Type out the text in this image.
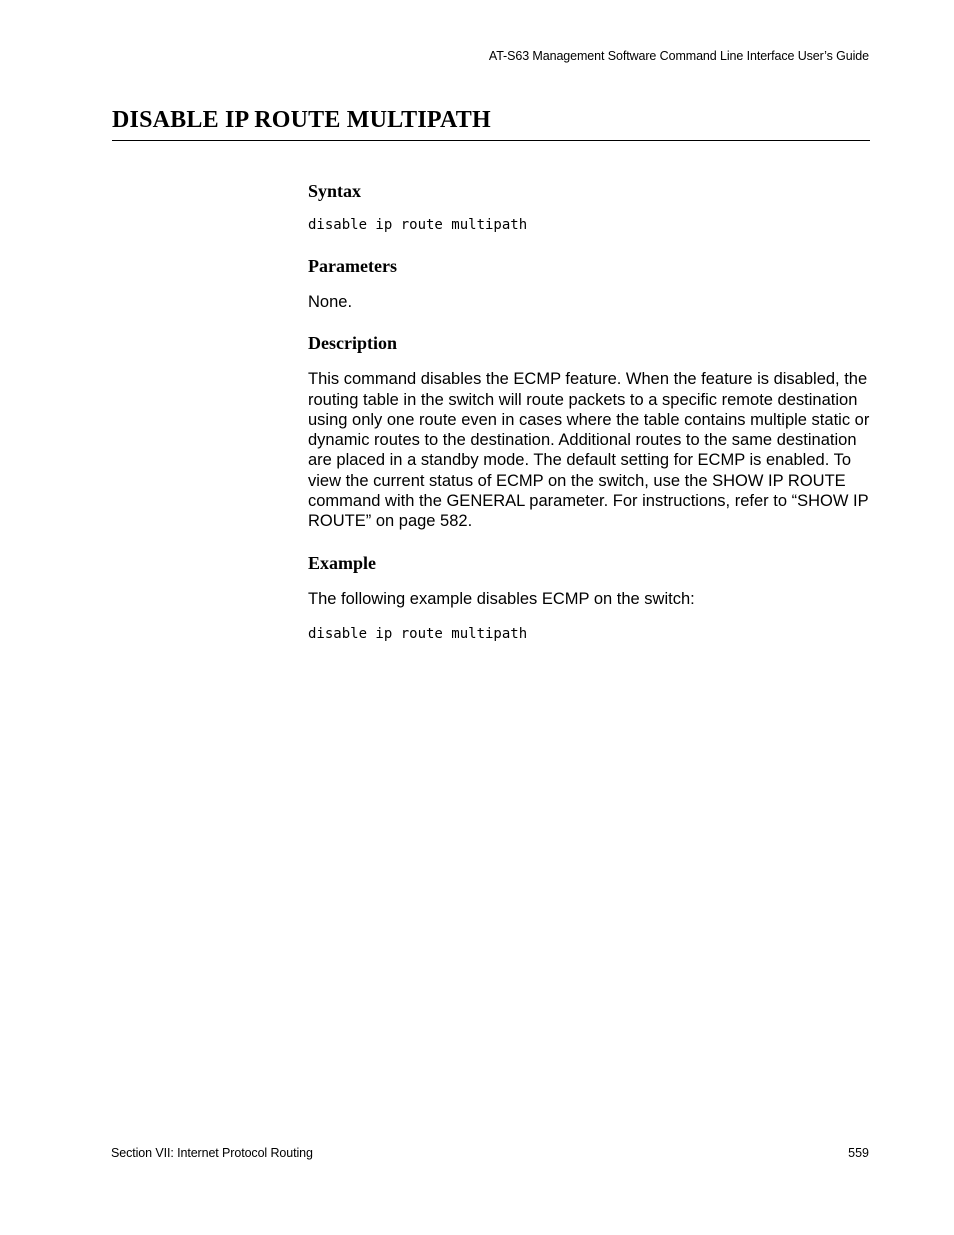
AT-S63 Management Software Command Line Interface User’s Guide
DISABLE IP ROUTE MULTIPATH
Syntax
disable ip route multipath
Parameters

None.

Description

This command disables the ECMP feature. When the feature is disabled, the routing table in the switch will route packets to a specific remote destination using only one route even in cases where the table contains multiple static or dynamic routes to the destination. Additional routes to the same destination are placed in a standby mode. The default setting for ECMP is enabled. To view the current status of ECMP on the switch, use the SHOW IP ROUTE command with the GENERAL parameter. For instructions, refer to “SHOW IP ROUTE” on page 582.

Example

The following example disables ECMP on the switch:

disable ip route multipath
Section VII: Internet Protocol Routing	559
